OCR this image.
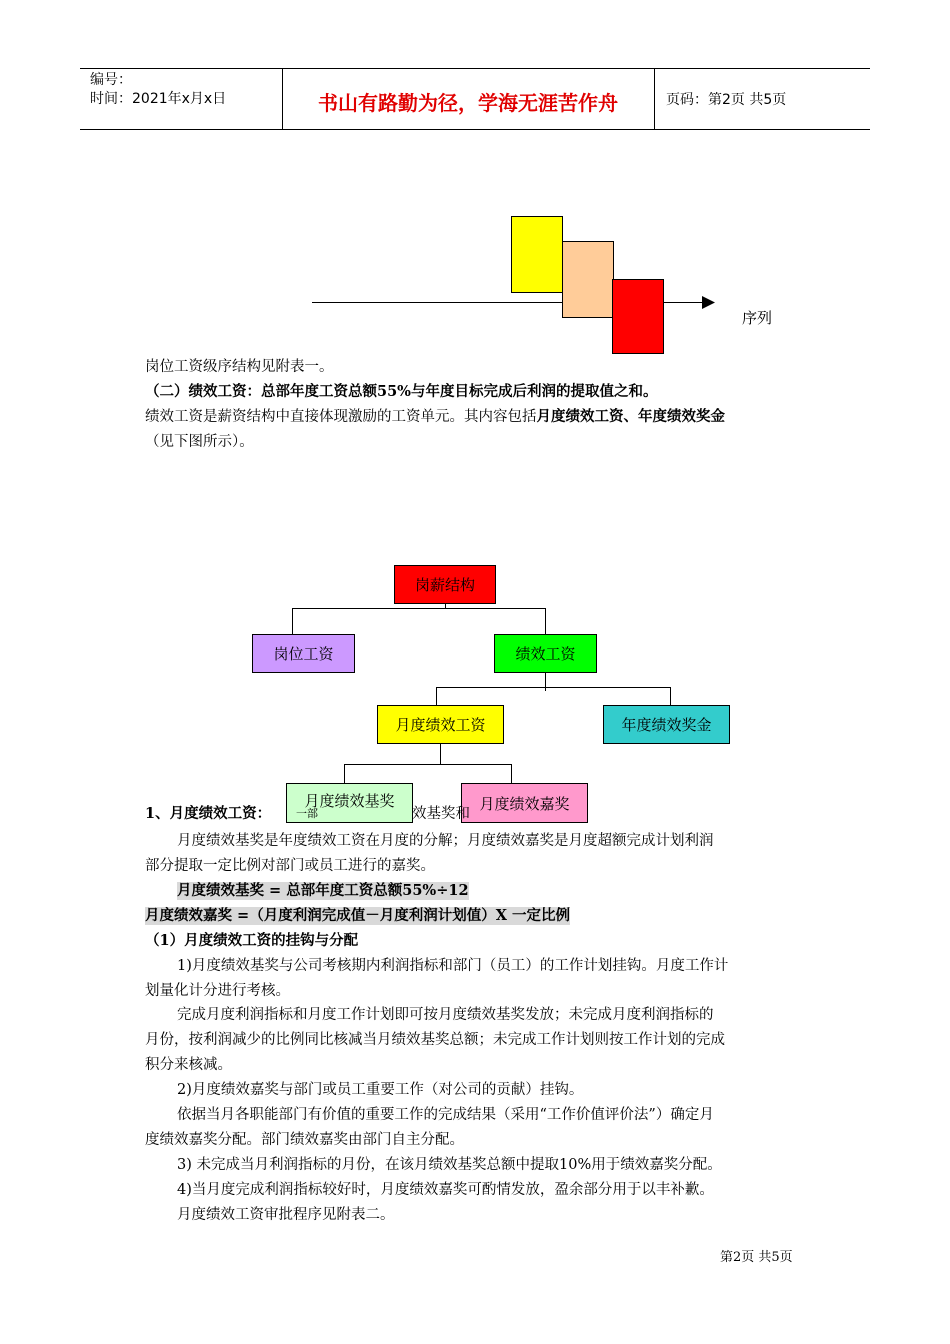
编号：
时间：2021年x月x日	书山有路勤为径，学海无涯苦作舟	页码：第2页 共5页
序列
岗位工资级序结构见附表一。
（二）绩效工资：总部年度工资总额55%与年度目标完成后利润的提取值之和。
绩效工资是薪资结构中直接体现激励的工资单元。其内容包括月度绩效工资、年度绩效奖金
（见下图所示）。
岗薪结构
岗位工资	绩效工资
月度绩效工资	年度绩效奖金
月度绩效基奖
一部
月度绩效嘉奖
1、月度绩效工资：	效基奖和
月度绩效基奖是年度绩效工资在月度的分解；月度绩效嘉奖是月度超额完成计划利润
部分提取一定比例对部门或员工进行的嘉奖。
月度绩效基奖 = 总部年度工资总额55%÷12
月度绩效嘉奖 =（月度利润完成值－月度利润计划值）X 一定比例
（1）月度绩效工资的挂钩与分配
1)月度绩效基奖与公司考核期内利润指标和部门（员工）的工作计划挂钩。月度工作计
划量化计分进行考核。
完成月度利润指标和月度工作计划即可按月度绩效基奖发放；未完成月度利润指标的
月份，按利润减少的比例同比核减当月绩效基奖总额；未完成工作计划则按工作计划的完成
积分来核减。
2)月度绩效嘉奖与部门或员工重要工作（对公司的贡献）挂钩。
依据当月各职能部门有价值的重要工作的完成结果（采用“工作价值评价法”）确定月
度绩效嘉奖分配。部门绩效嘉奖由部门自主分配。
3) 未完成当月利润指标的月份，在该月绩效基奖总额中提取10%用于绩效嘉奖分配。
4)当月度完成利润指标较好时，月度绩效嘉奖可酌情发放，盈余部分用于以丰补歉。
月度绩效工资审批程序见附表二。
第2页 共5页
